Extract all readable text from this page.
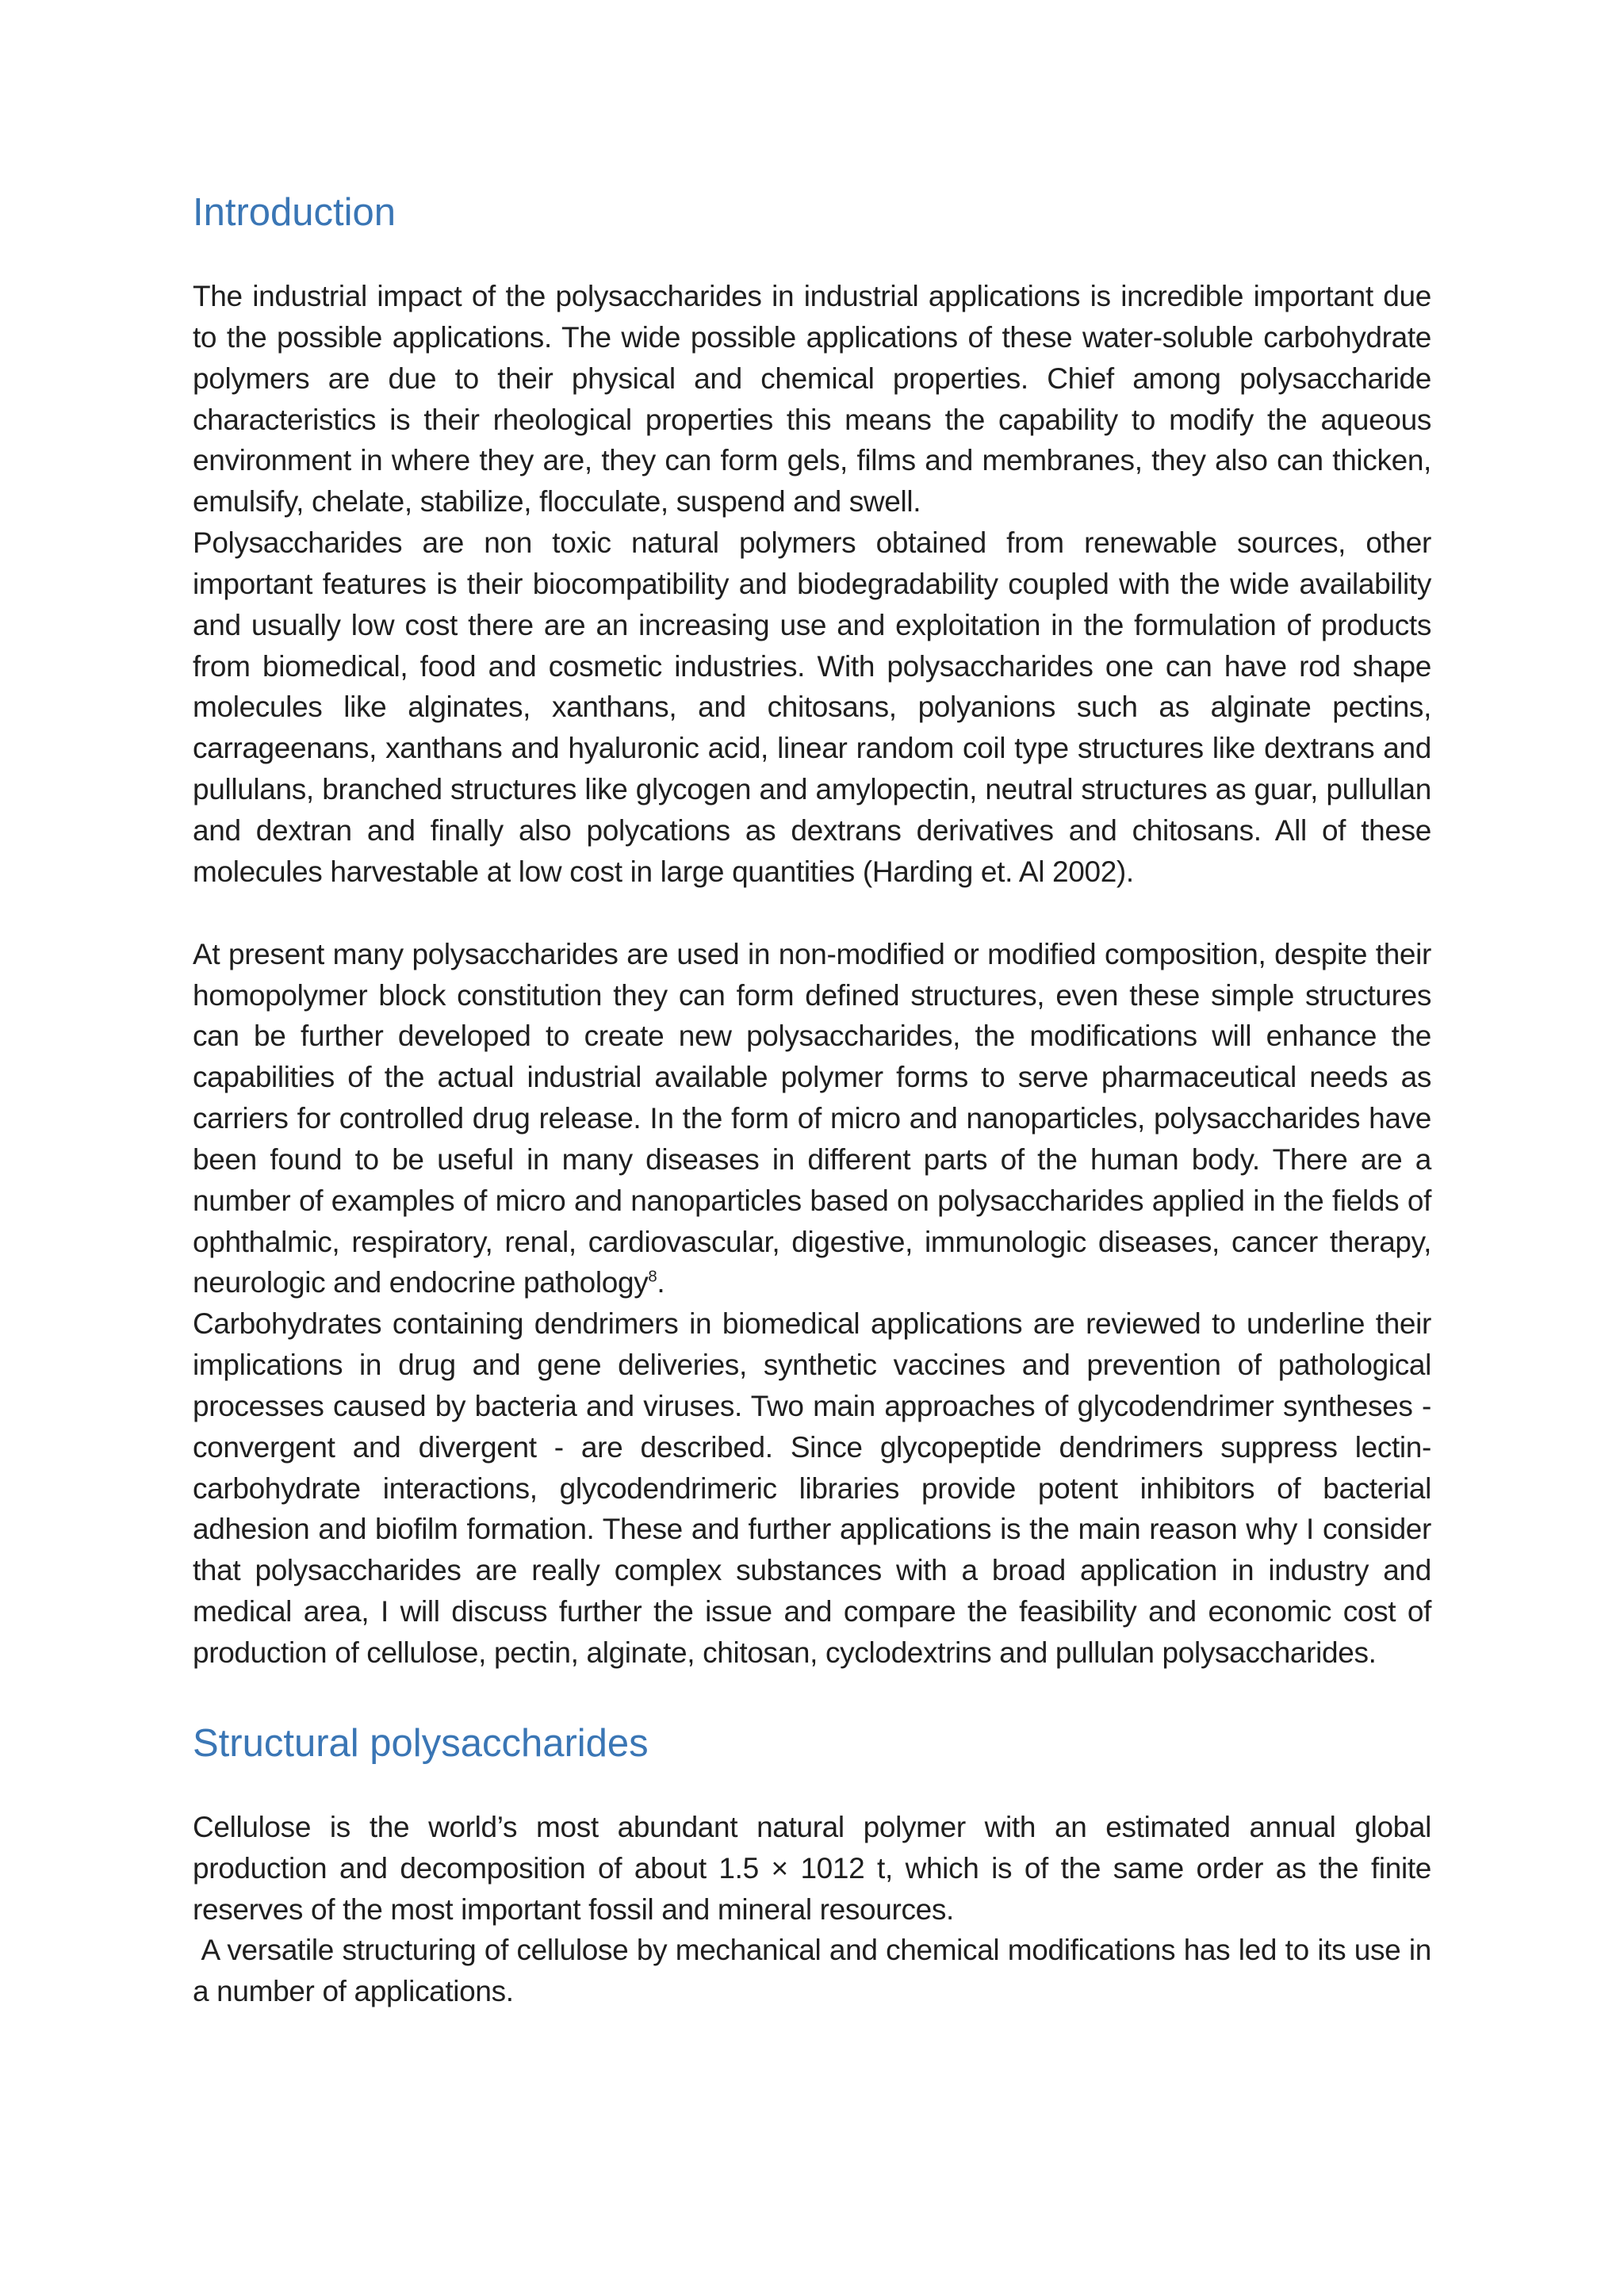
Introduction

The industrial impact of the polysaccharides in industrial applications is incredible important due to the possible applications. The wide possible applications of these water-soluble carbohydrate polymers are due to their physical and chemical properties. Chief among polysaccharide characteristics is their rheological properties this means the capability to modify the aqueous environment in where they are, they can form gels, films and membranes, they also can thicken, emulsify, chelate, stabilize, flocculate, suspend and swell.

Polysaccharides are non toxic natural polymers obtained from renewable sources, other important features is their biocompatibility and biodegradability coupled with the wide availability and usually low cost there are an increasing use and exploitation in the formulation of products from biomedical, food and cosmetic industries. With polysaccharides one can have rod shape molecules like alginates, xanthans, and chitosans, polyanions such as alginate pectins, carrageenans, xanthans and hyaluronic acid, linear random coil type structures like dextrans and pullulans, branched structures like glycogen and amylopectin, neutral structures as guar, pullullan and dextran and finally also polycations as dextrans derivatives and chitosans. All of these molecules harvestable at low cost in large quantities (Harding et. Al 2002).

At present many polysaccharides are used in non-modified or modified composition, despite their homopolymer block constitution they can form defined structures, even these simple structures can be further developed to create new polysaccharides, the modifications will enhance the capabilities of the actual industrial available polymer forms to serve pharmaceutical needs as carriers for controlled drug release. In the form of micro and nanoparticles, polysaccharides have been found to be useful in many diseases in different parts of the human body. There are a number of examples of micro and nanoparticles based on polysaccharides applied in the fields of ophthalmic, respiratory, renal, cardiovascular, digestive, immunologic diseases, cancer therapy, neurologic and endocrine pathology$^8$.

Carbohydrates containing dendrimers in biomedical applications are reviewed to underline their implications in drug and gene deliveries, synthetic vaccines and prevention of pathological processes caused by bacteria and viruses. Two main approaches of glycodendrimer syntheses - convergent and divergent - are described. Since glycopeptide dendrimers suppress lectin-carbohydrate interactions, glycodendrimeric libraries provide potent inhibitors of bacterial adhesion and biofilm formation. These and further applications is the main reason why I consider that polysaccharides are really complex substances with a broad application in industry and medical area, I will discuss further the issue and compare the feasibility and economic cost of production of cellulose, pectin, alginate, chitosan, cyclodextrins and pullulan polysaccharides.

Structural polysaccharides

Cellulose is the world’s most abundant natural polymer with an estimated annual global production and decomposition of about 1.5 × 1012 t, which is of the same order as the finite reserves of the most important fossil and mineral resources.

A versatile structuring of cellulose by mechanical and chemical modifications has led to its use in a number of applications.
